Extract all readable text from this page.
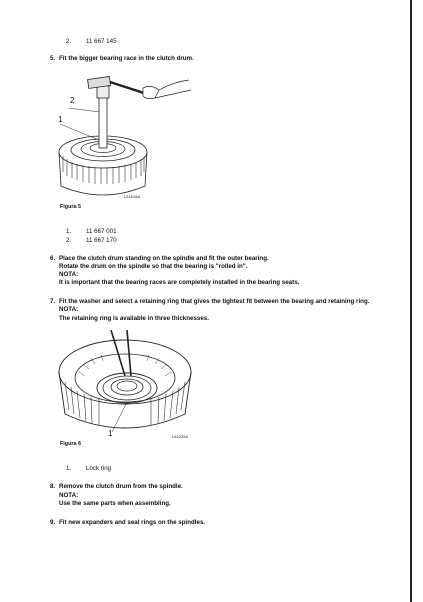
2. 11 667 145
5. Fit the bigger bearing race in the clutch drum.
2
1
L61618A
Figura 5
1. 11 667 001
2. 11 667 170
6. Place the clutch drum standing on the spindle and fit the outer bearing.
Rotate the drum on the spindle so that the bearing is "rolled in".
NOTA:
It is important that the bearing races are completely installed in the bearing seats.
7. Fit the washer and select a retaining ring that gives the tightest fit between the bearing and retaining ring.
NOTA:
The retaining ring is available in three thicknesses.
1	L61029A
Figura 6
1. Lock ring
8. Remove the clutch drum from the spindle.
NOTA:
Use the same parts when assembling.
9. Fit new expanders and seal rings on the spindles.
